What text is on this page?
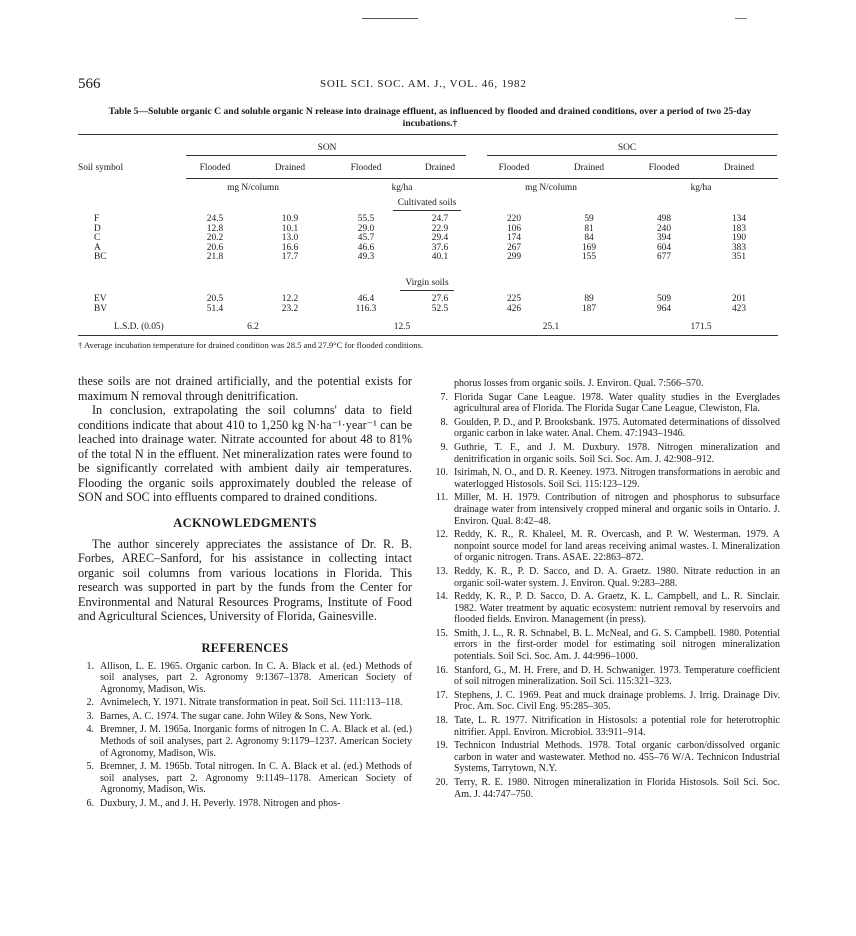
566	SOIL SCI. SOC. AM. J., VOL. 46, 1982
Table 5—Soluble organic C and soluble organic N release into drainage effluent, as influenced by flooded and drained conditions, over a period of two 25-day incubations.†
SON	SOC
Soil symbol	Flooded	Drained	Flooded	Drained	Flooded	Drained	Flooded	Drained
mg N/column	kg/ha	mg N/column	kg/ha
Cultivated soils
F	24.5	10.9	55.5	24.7	220	59	498	134
D	12.8	10.1	29.0	22.9	106	81	240	183
C	20.2	13.0	45.7	29.4	174	84	394	190
A	20.6	16.6	46.6	37.6	267	169	604	383
BC	21.8	17.7	49.3	40.1	299	155	677	351
Virgin soils
EV	20.5	12.2	46.4	27.6	225	89	509	201
BV	51.4	23.2	116.3	52.5	426	187	964	423
L.S.D. (0.05)	6.2	12.5	25.1	171.5
† Average incubation temperature for drained condition was 28.5 and 27.9°C for flooded conditions.

these soils are not drained artificially, and the potential exists for maximum N removal through denitrification.

In conclusion, extrapolating the soil columns' data to field conditions indicate that about 410 to 1,250 kg N·ha⁻¹·year⁻¹ can be leached into drainage water. Nitrate accounted for about 48 to 81% of the total N in the effluent. Net mineralization rates were found to be significantly correlated with ambient daily air temperatures. Flooding the organic soils approximately doubled the release of SON and SOC into effluents compared to drained conditions.

ACKNOWLEDGMENTS

The author sincerely appreciates the assistance of Dr. R. B. Forbes, AREC–Sanford, for his assistance in collecting intact organic soil columns from various locations in Florida. This research was supported in part by the funds from the Center for Environmental and Natural Resources Programs, Institute of Food and Agricultural Sciences, University of Florida, Gainesville.

REFERENCES
1. Allison, L. E. 1965. Organic carbon. In C. A. Black et al. (ed.) Methods of soil analyses, part 2. Agronomy 9:1367–1378. American Society of Agronomy, Madison, Wis.
2. Avnimelech, Y. 1971. Nitrate transformation in peat. Soil Sci. 111:113–118.
3. Barnes, A. C. 1974. The sugar cane. John Wiley & Sons, New York.
4. Bremner, J. M. 1965a. Inorganic forms of nitrogen In C. A. Black et al. (ed.) Methods of soil analyses, part 2. Agronomy 9:1179–1237. American Society of Agronomy, Madison, Wis.
5. Bremner, J. M. 1965b. Total nitrogen. In C. A. Black et al. (ed.) Methods of soil analyses, part 2. Agronomy 9:1149–1178. American Society of Agronomy, Madison, Wis.
6. Duxbury, J. M., and J. H. Peverly. 1978. Nitrogen and phos-
phorus losses from organic soils. J. Environ. Qual. 7:566–570.
7. Florida Sugar Cane League. 1978. Water quality studies in the Everglades agricultural area of Florida. The Florida Sugar Cane League, Clewiston, Fla.
8. Goulden, P. D., and P. Brooksbank. 1975. Automated determinations of dissolved organic carbon in lake water. Anal. Chem. 47:1943–1946.
9. Guthrie, T. F., and J. M. Duxbury. 1978. Nitrogen mineralization and denitrification in organic soils. Soil Sci. Soc. Am. J. 42:908–912.
10. Isirimah, N. O., and D. R. Keeney. 1973. Nitrogen transformations in aerobic and waterlogged Histosols. Soil Sci. 115:123–129.
11. Miller, M. H. 1979. Contribution of nitrogen and phosphorus to subsurface drainage water from intensively cropped mineral and organic soils in Ontario. J. Environ. Qual. 8:42–48.
12. Reddy, K. R., R. Khaleel, M. R. Overcash, and P. W. Westerman. 1979. A nonpoint source model for land areas receiving animal wastes. I. Mineralization of organic nitrogen. Trans. ASAE. 22:863–872.
13. Reddy, K. R., P. D. Sacco, and D. A. Graetz. 1980. Nitrate reduction in an organic soil-water system. J. Environ. Qual. 9:283–288.
14. Reddy, K. R., P. D. Sacco, D. A. Graetz, K. L. Campbell, and L. R. Sinclair. 1982. Water treatment by aquatic ecosystem: nutrient removal by reservoirs and flooded fields. Environ. Management (in press).
15. Smith, J. L., R. R. Schnabel, B. L. McNeal, and G. S. Campbell. 1980. Potential errors in the first-order model for estimating soil nitrogen mineralization potentials. Soil Sci. Soc. Am. J. 44:996–1000.
16. Stanford, G., M. H. Frere, and D. H. Schwaniger. 1973. Temperature coefficient of soil nitrogen mineralization. Soil Sci. 115:321–323.
17. Stephens, J. C. 1969. Peat and muck drainage problems. J. Irrig. Drainage Div. Proc. Am. Soc. Civil Eng. 95:285–305.
18. Tate, L. R. 1977. Nitrification in Histosols: a potential role for heterotrophic nitrifier. Appl. Environ. Microbiol. 33:911–914.
19. Technicon Industrial Methods. 1978. Total organic carbon/dissolved organic carbon in water and wastewater. Method no. 455–76 W/A. Technicon Industrial Systems, Tarrytown, N.Y.
20. Terry, R. E. 1980. Nitrogen mineralization in Florida Histosols. Soil Sci. Soc. Am. J. 44:747–750.
